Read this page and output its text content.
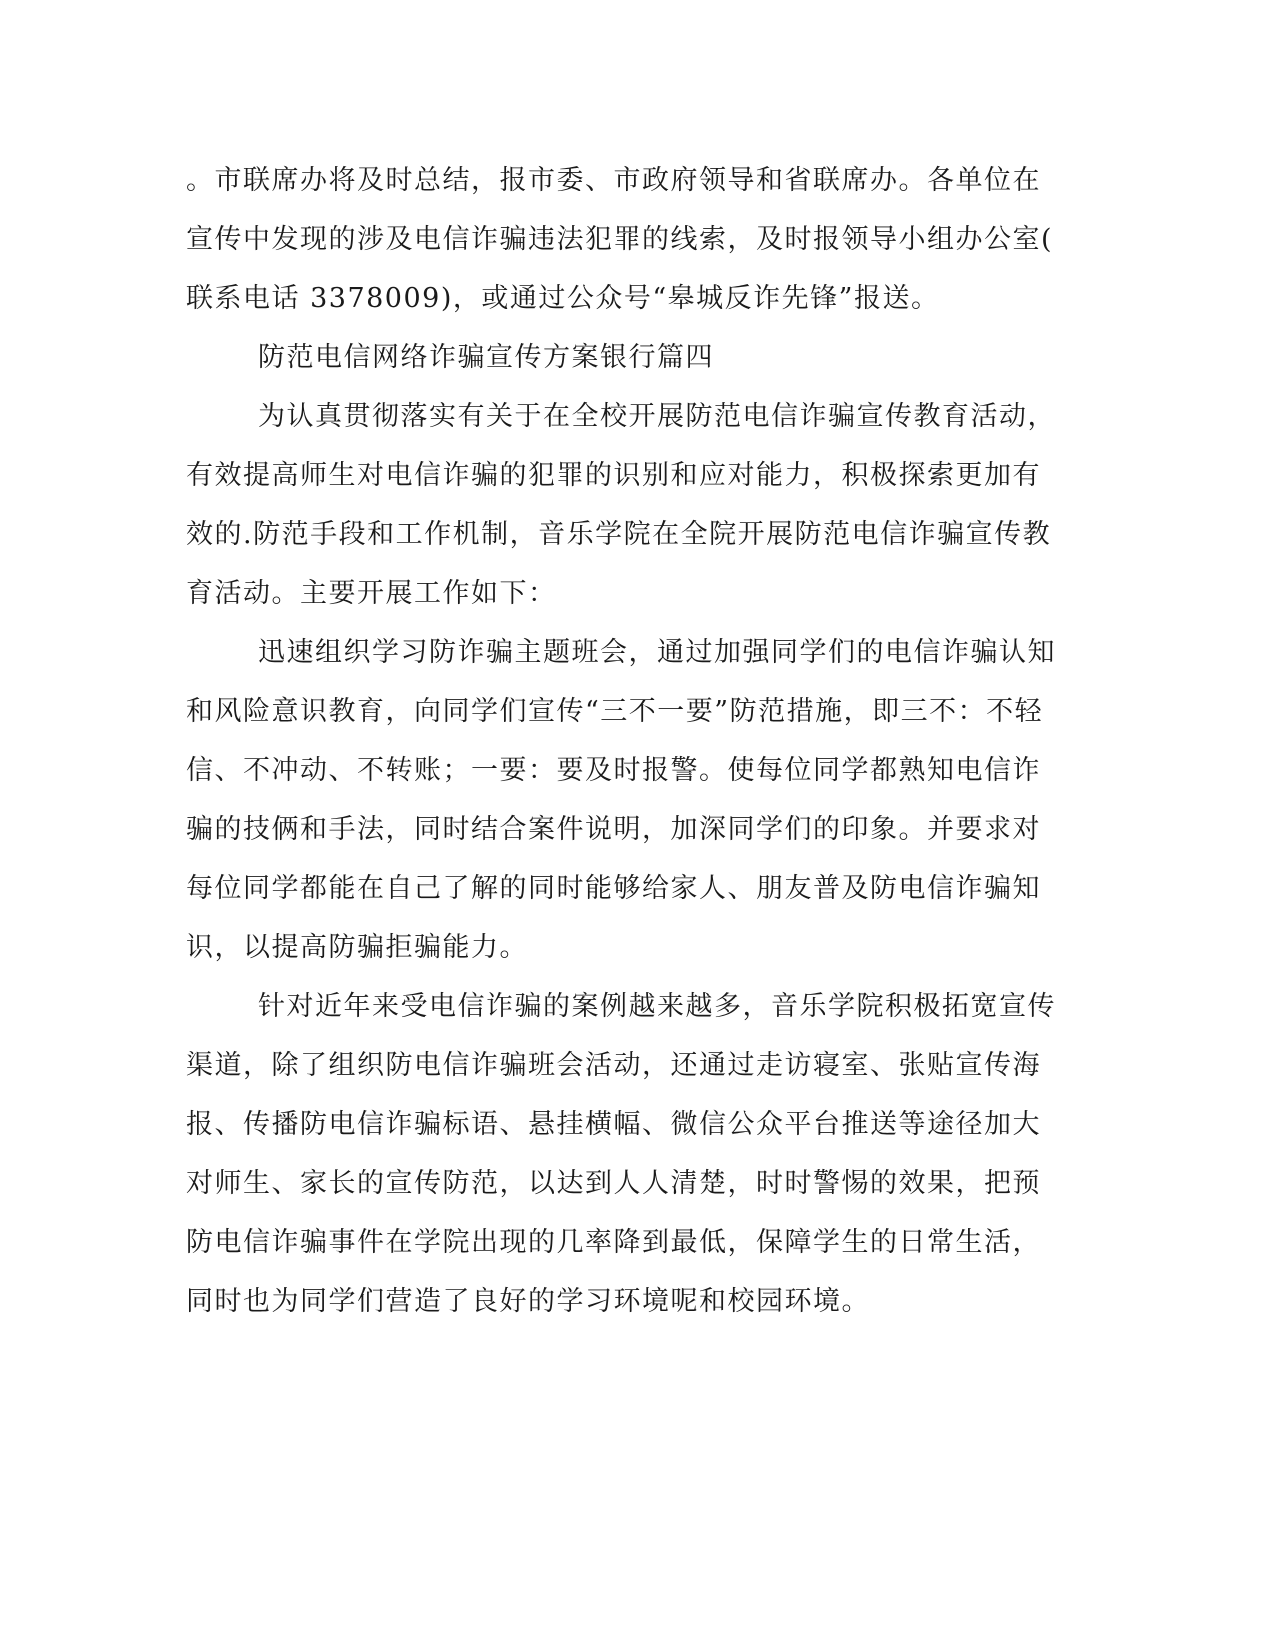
。市联席办将及时总结，报市委、市政府领导和省联席办。各单位在

宣传中发现的涉及电信诈骗违法犯罪的线索，及时报领导小组办公室(

联系电话 3378009)，或通过公众号“皋城反诈先锋”报送。

防范电信网络诈骗宣传方案银行篇四

为认真贯彻落实有关于在全校开展防范电信诈骗宣传教育活动，

有效提高师生对电信诈骗的犯罪的识别和应对能力，积极探索更加有

效的.防范手段和工作机制，音乐学院在全院开展防范电信诈骗宣传教

育活动。主要开展工作如下：

迅速组织学习防诈骗主题班会，通过加强同学们的电信诈骗认知

和风险意识教育，向同学们宣传“三不一要”防范措施，即三不：不轻

信、不冲动、不转账；一要：要及时报警。使每位同学都熟知电信诈

骗的技俩和手法，同时结合案件说明，加深同学们的印象。并要求对

每位同学都能在自己了解的同时能够给家人、朋友普及防电信诈骗知

识，以提高防骗拒骗能力。

针对近年来受电信诈骗的案例越来越多，音乐学院积极拓宽宣传

渠道，除了组织防电信诈骗班会活动，还通过走访寝室、张贴宣传海

报、传播防电信诈骗标语、悬挂横幅、微信公众平台推送等途径加大

对师生、家长的宣传防范，以达到人人清楚，时时警惕的效果，把预

防电信诈骗事件在学院出现的几率降到最低，保障学生的日常生活，

同时也为同学们营造了良好的学习环境呢和校园环境。
